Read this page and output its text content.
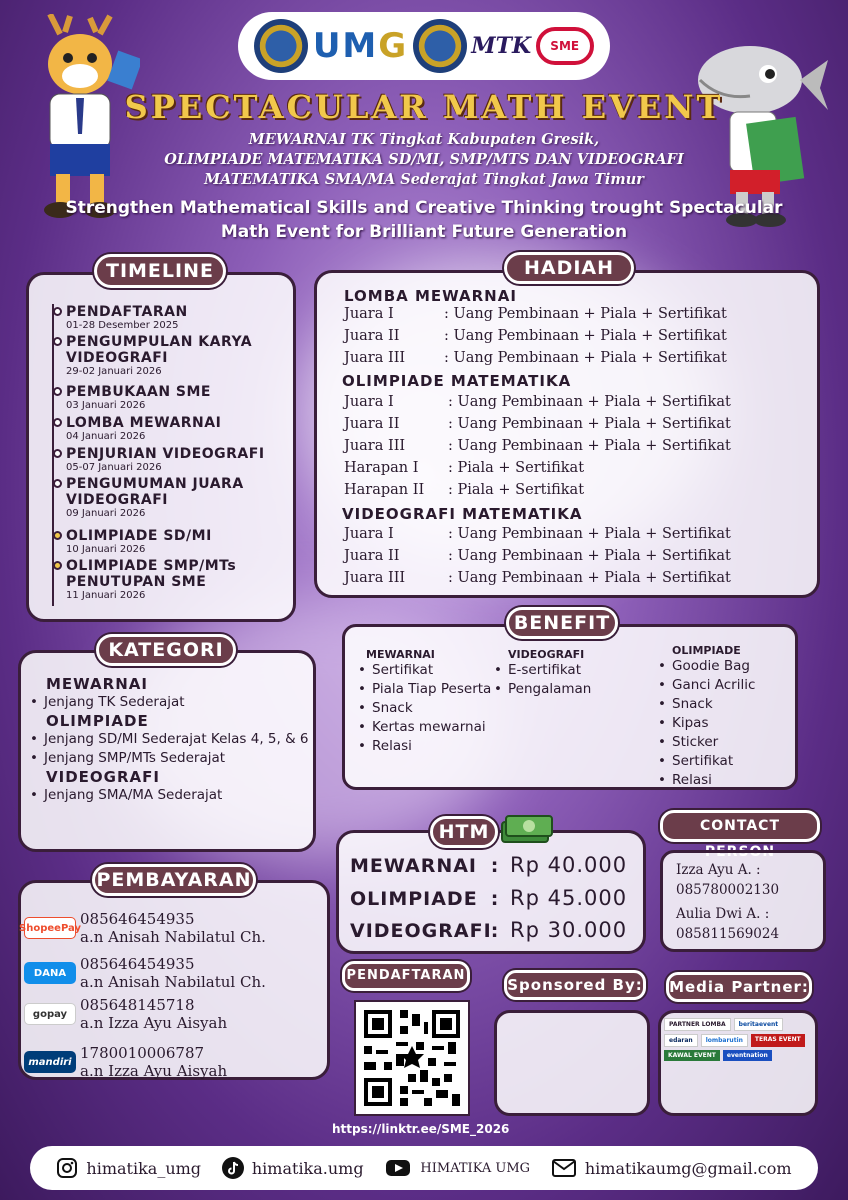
UMG	MTK	SME
SPECTACULAR MATH EVENT
MEWARNAI TK Tingkat Kabupaten Gresik,
OLIMPIADE MATEMATIKA SD/MI, SMP/MTS DAN VIDEOGRAFI
MATEMATIKA SMA/MA Sederajat Tingkat Jawa Timur
Strengthen Mathematical Skills and Creative Thinking trought Spectacular
Math Event for Brilliant Future Generation
TIMELINE
PENDAFTARAN
01-28 Desember 2025
PENGUMPULAN KARYA VIDEOGRAFI
29-02 Januari 2026
PEMBUKAAN SME
03 Januari 2026
LOMBA MEWARNAI
04 Januari 2026
PENJURIAN VIDEOGRAFI
05-07 Januari 2026
PENGUMUMAN JUARA VIDEOGRAFI
09 Januari 2026
OLIMPIADE SD/MI
10 Januari 2026
OLIMPIADE SMP/MTs PENUTUPAN SME
11 Januari 2026
HADIAH
LOMBA MEWARNAI
Juara I	: Uang Pembinaan + Piala + Sertifikat
Juara II	: Uang Pembinaan + Piala + Sertifikat
Juara III	: Uang Pembinaan + Piala + Sertifikat
OLIMPIADE MATEMATIKA
Juara I	: Uang Pembinaan + Piala + Sertifikat
Juara II	: Uang Pembinaan + Piala + Sertifikat
Juara III	: Uang Pembinaan + Piala + Sertifikat
Harapan I : Piala + Sertifikat
Harapan II : Piala + Sertifikat
VIDEOGRAFI MATEMATIKA
Juara I	: Uang Pembinaan + Piala + Sertifikat
Juara II	: Uang Pembinaan + Piala + Sertifikat
Juara III	: Uang Pembinaan + Piala + Sertifikat
KATEGORI
MEWARNAI
• Jenjang TK Sederajat
OLIMPIADE
• Jenjang SD/MI Sederajat Kelas 4, 5, & 6
• Jenjang SMP/MTs Sederajat
VIDEOGRAFI
• Jenjang SMA/MA Sederajat
BENEFIT
MEWARNAI
• Sertifikat
• Piala Tiap Peserta
• Snack
• Kertas mewarnai
• Relasi
VIDEOGRAFI
• E-sertifikat
• Pengalaman
OLIMPIADE
• Goodie Bag
• Ganci Acrilic
• Snack
• Kipas
• Sticker
• Sertifikat
• Relasi
HTM
MEWARNAI : Rp 40.000
OLIMPIADE : Rp 45.000
VIDEOGRAFI: Rp 30.000
CONTACT
Izza Ayu A. :
085780002130
Aulia Dwi A. :
085811569024
PEMBAYARAN
ShopeePay 085646454935
a.n Anisah Nabilatul Ch.
DANA 085646454935
a.n Anisah Nabilatul Ch.
gopay 085648145718
a.n Izza Ayu Aisyah
mandiri 1780010006787
a.n Izza Ayu Aisyah
PENDAFTARAN
https://linktr.ee/SME_2026
Sponsored By: Media Partner:
PARTNER LOMBA	beritaevent
edaran	lombarutin	TERAS EVENT
KAWAL EVENT	eventnation
himatika_umg	himatika.umg	HIMATIKA UMG	himatikaumg@gmail.com
